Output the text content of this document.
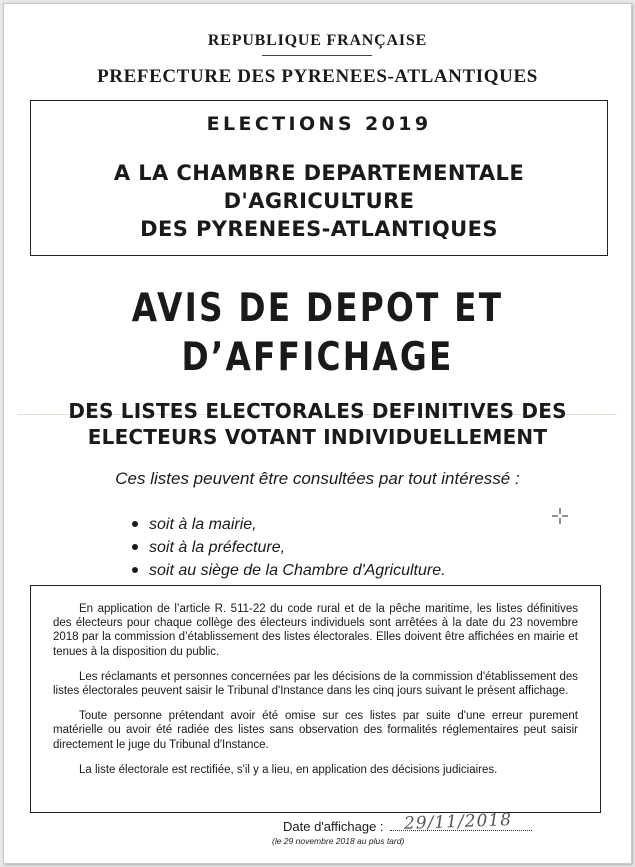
REPUBLIQUE FRANÇAISE
PREFECTURE DES PYRENEES-ATLANTIQUES
ELECTIONS 2019
A LA CHAMBRE DEPARTEMENTALE
D'AGRICULTURE
DES PYRENEES-ATLANTIQUES
AVIS DE DEPOT ET
D’AFFICHAGE
DES LISTES ELECTORALES DEFINITIVES DES
ELECTEURS VOTANT INDIVIDUELLEMENT
Ces listes peuvent être consultées par tout intéressé :
soit à la mairie,
soit à la préfecture,
soit au siège de la Chambre d'Agriculture.

En application de l’article R. 511-22 du code rural et de la pêche maritime, les listes définitives des électeurs pour chaque collège des électeurs individuels sont arrêtées à la date du 23 novembre 2018 par la commission d’établissement des listes électorales. Elles doivent être affichées en mairie et tenues à la disposition du public.

Les réclamants et personnes concernées par les décisions de la commission d'établissement des listes électorales peuvent saisir le Tribunal d'Instance dans les cinq jours suivant le présent affichage.

Toute personne prétendant avoir été omise sur ces listes par suite d'une erreur purement matérielle ou avoir été radiée des listes sans observation des formalités réglementaires peut saisir directement le juge du Tribunal d'Instance.

La liste électorale est rectifiée, s'il y a lieu, en application des décisions judiciaires.

Date d'affichage :	29/11/2018
(le 29 novembre 2018 au plus tard)
